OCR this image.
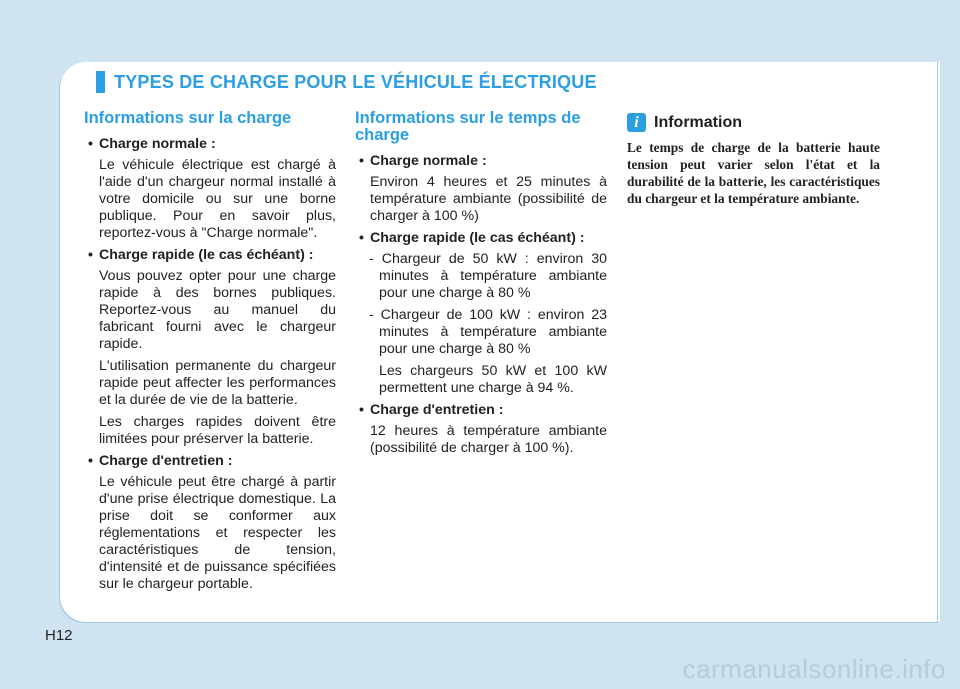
TYPES DE CHARGE POUR LE VÉHICULE ÉLECTRIQUE
Informations sur la charge
• Charge normale :

Le véhicule électrique est chargé à l'aide d'un chargeur normal installé à votre domicile ou sur une borne publique. Pour en savoir plus, reportez-vous à "Charge normale".

• Charge rapide (le cas échéant) :

Vous pouvez opter pour une charge rapide à des bornes publiques. Reportez-vous au manuel du fabricant fourni avec le chargeur rapide.

L'utilisation permanente du chargeur rapide peut affecter les performances et la durée de vie de la batterie.

Les charges rapides doivent être limitées pour préserver la batterie.

• Charge d'entretien :

Le véhicule peut être chargé à partir d'une prise électrique domestique. La prise doit se conformer aux réglementations et respecter les caractéristiques de tension, d'intensité et de puissance spécifiées sur le chargeur portable.

Informations sur le temps de charge
• Charge normale :

Environ 4 heures et 25 minutes à température ambiante (possibilité de charger à 100 %)

• Charge rapide (le cas échéant) :
- Chargeur de 50 kW : environ 30 minutes à température ambiante pour une charge à 80 %
- Chargeur de 100 kW : environ 23 minutes à température ambiante pour une charge à 80 %
Les chargeurs 50 kW et 100 kW permettent une charge à 94 %.
• Charge d'entretien :

12 heures à température ambiante (possibilité de charger à 100 %).

i Information
Le temps de charge de la batterie haute tension peut varier selon l'état et la durabilité de la batterie, les caractéristiques du chargeur et la température ambiante.
H12
carmanualsonline.info
